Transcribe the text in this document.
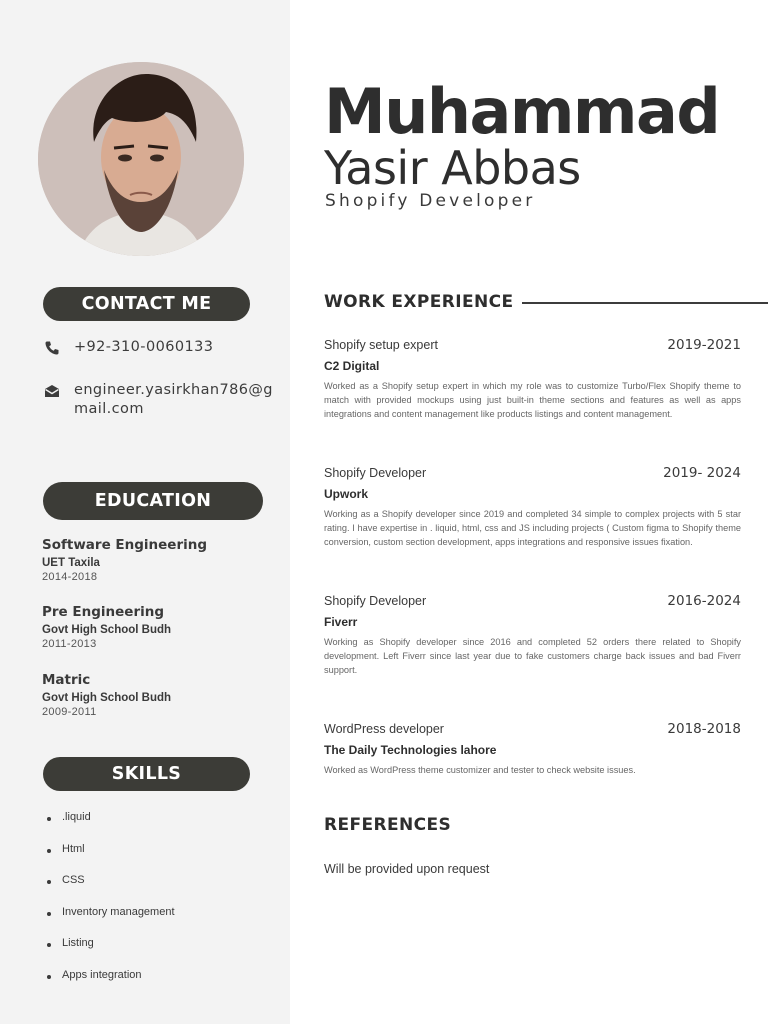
CONTACT ME
+92-310-0060133
engineer.yasirkhan786@g
mail.com
EDUCATION
Software Engineering
UET Taxila
2014-2018
Pre Engineering
Govt High School Budh
2011-2013
Matric
Govt High School Budh
2009-2011
SKILLS
.liquid
Html
CSS
Inventory management
Listing
Apps integration
Muhammad
Yasir Abbas
Shopify Developer
WORK EXPERIENCE
Shopify setup expert	2019-2021
C2 Digital
Worked as a Shopify setup expert in which my role was to customize Turbo/Flex Shopify theme to match with provided mockups using just built-in theme sections and features as well as apps integrations and content management like products listings and content management.
Shopify Developer	2019- 2024
Upwork
Working as a Shopify developer since 2019 and completed 34 simple to complex projects with 5 star rating. I have expertise in . liquid, html, css and JS including projects ( Custom figma to Shopify theme conversion, custom section development, apps integrations and responsive issues fixation.
Shopify Developer	2016-2024
Fiverr
Working as Shopify developer since 2016 and completed 52 orders there related to Shopify development. Left Fiverr since last year due to fake customers charge back issues and bad Fiverr support.
WordPress developer	2018-2018
The Daily Technologies lahore
Worked as WordPress theme customizer and tester to check website issues.
REFERENCES
Will be provided upon request
